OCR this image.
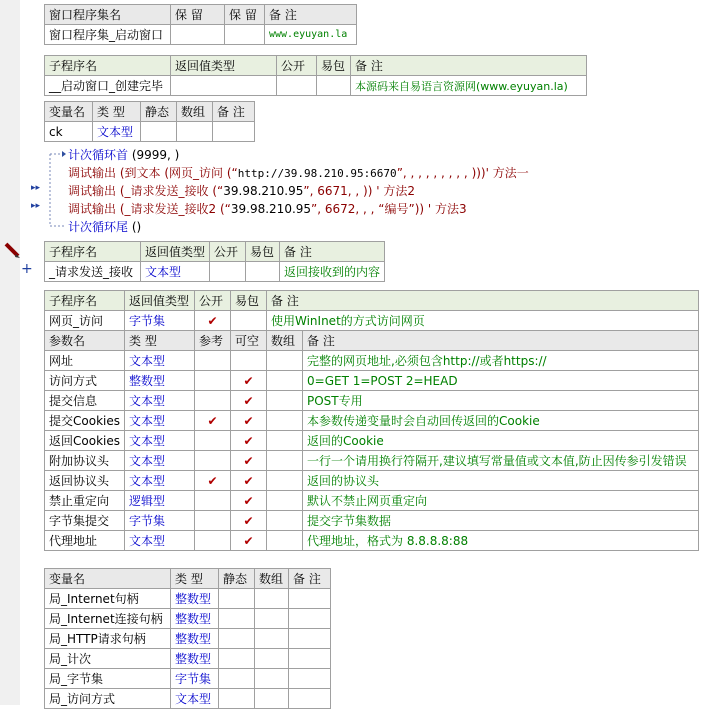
窗口程序集名	保 留	保 留	备 注
窗口程序集_启动窗口			www.eyuyan.la
子程序名	返回值类型	公开	易包	备 注
__启动窗口_创建完毕				本源码来自易语言资源网(www.eyuyan.la)
变量名	类 型	静态	数组	备 注
ck	文本型			
▸▸
▸▸
计次循环首 (9999, )
调试输出 (到文本 (网页_访问 (“http://39.98.210.95:6670”, , , , , , , , , )))' 方法一
调试输出 (_请求发送_接收 (“39.98.210.95”, 6671, , )) ' 方法2
调试输出 (_请求发送_接收2 (“39.98.210.95”, 6672, , , “编号”)) ' 方法3
计次循环尾 ()
+
子程序名	返回值类型	公开	易包	备 注
_请求发送_接收	文本型			返回接收到的内容
子程序名	返回值类型	公开	易包	备 注	
网页_访问	字节集	✔		使用WinInet的方式访问网页	
参数名	类 型	参考	可空	数组	备 注
网址	文本型				完整的网页地址,必须包含http://或者https://
访问方式	整数型		✔		0=GET 1=POST 2=HEAD
提交信息	文本型		✔		POST专用
提交Cookies	文本型	✔	✔		本参数传递变量时会自动回传返回的Cookie
返回Cookies	文本型		✔		返回的Cookie
附加协议头	文本型		✔		一行一个请用换行符隔开,建议填写常量值或文本值,防止因传参引发错误
返回协议头	文本型	✔	✔		返回的协议头
禁止重定向	逻辑型		✔		默认不禁止网页重定向
字节集提交	字节集		✔		提交字节集数据
代理地址	文本型		✔		代理地址，格式为 8.8.8.8:88
变量名	类 型	静态	数组	备 注
局_Internet句柄	整数型			
局_Internet连接句柄	整数型			
局_HTTP请求句柄	整数型			
局_计次	整数型			
局_字节集	字节集			
局_访问方式	文本型			
